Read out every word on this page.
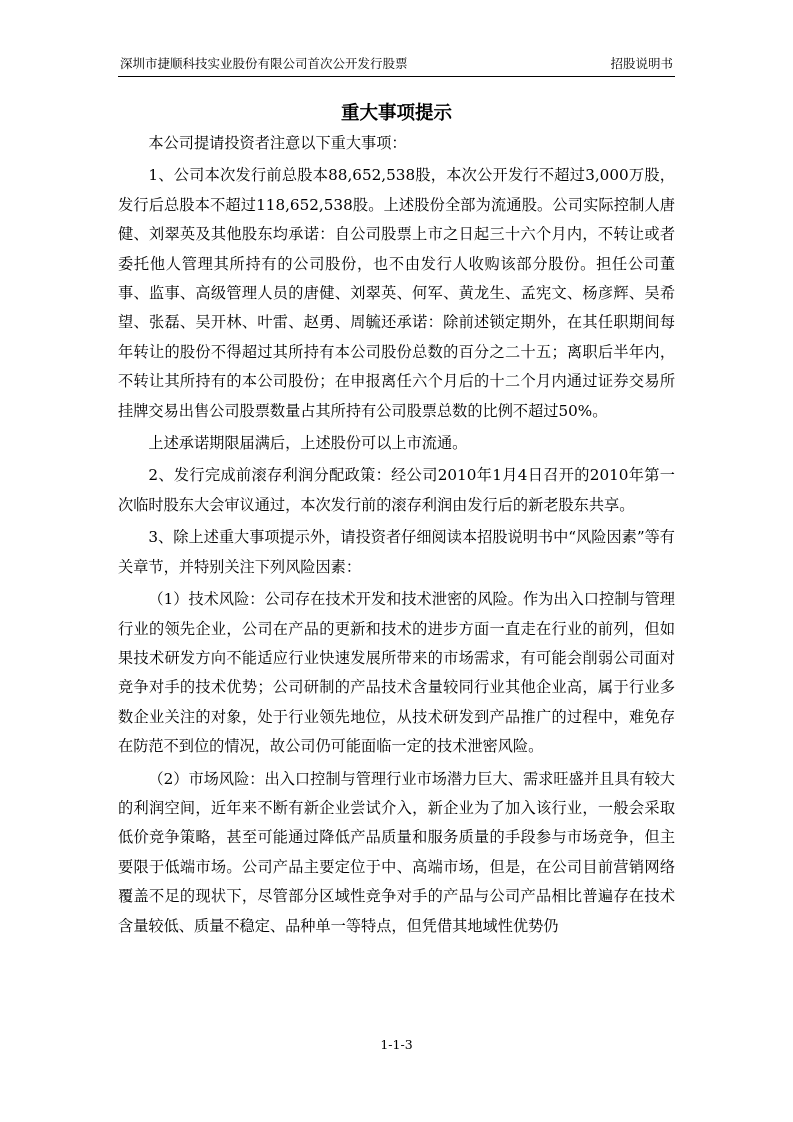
深圳市捷顺科技实业股份有限公司首次公开发行股票	招股说明书
重大事项提示

本公司提请投资者注意以下重大事项：

1、公司本次发行前总股本88,652,538股，本次公开发行不超过3,000万股，发行后总股本不超过118,652,538股。上述股份全部为流通股。公司实际控制人唐健、刘翠英及其他股东均承诺：自公司股票上市之日起三十六个月内，不转让或者委托他人管理其所持有的公司股份，也不由发行人收购该部分股份。担任公司董事、监事、高级管理人员的唐健、刘翠英、何军、黄龙生、孟宪文、杨彦辉、吴希望、张磊、吴开林、叶雷、赵勇、周毓还承诺：除前述锁定期外，在其任职期间每年转让的股份不得超过其所持有本公司股份总数的百分之二十五；离职后半年内，不转让其所持有的本公司股份；在申报离任六个月后的十二个月内通过证券交易所挂牌交易出售公司股票数量占其所持有公司股票总数的比例不超过50%。

上述承诺期限届满后，上述股份可以上市流通。

2、发行完成前滚存利润分配政策：经公司2010年1月4日召开的2010年第一次临时股东大会审议通过，本次发行前的滚存利润由发行后的新老股东共享。

3、除上述重大事项提示外，请投资者仔细阅读本招股说明书中“风险因素”等有关章节，并特别关注下列风险因素：

（1）技术风险：公司存在技术开发和技术泄密的风险。作为出入口控制与管理行业的领先企业，公司在产品的更新和技术的进步方面一直走在行业的前列，但如果技术研发方向不能适应行业快速发展所带来的市场需求，有可能会削弱公司面对竞争对手的技术优势；公司研制的产品技术含量较同行业其他企业高，属于行业多数企业关注的对象，处于行业领先地位，从技术研发到产品推广的过程中，难免存在防范不到位的情况，故公司仍可能面临一定的技术泄密风险。

（2）市场风险：出入口控制与管理行业市场潜力巨大、需求旺盛并且具有较大的利润空间，近年来不断有新企业尝试介入，新企业为了加入该行业，一般会采取低价竞争策略，甚至可能通过降低产品质量和服务质量的手段参与市场竞争，但主要限于低端市场。公司产品主要定位于中、高端市场，但是，在公司目前营销网络覆盖不足的现状下，尽管部分区域性竞争对手的产品与公司产品相比普遍存在技术含量较低、质量不稳定、品种单一等特点，但凭借其地域性优势仍

1-1-3
